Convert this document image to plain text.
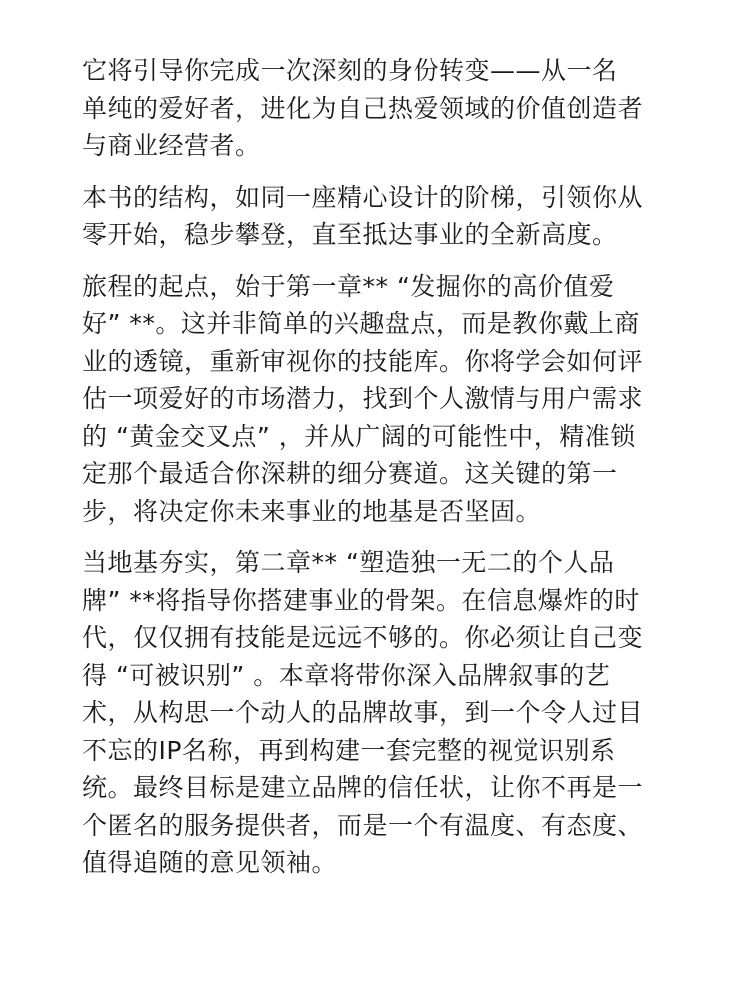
它将引导你完成一次深刻的身份转变——从一名
单纯的爱好者，进化为自己热爱领域的价值创造者
与商业经营者。

本书的结构，如同一座精心设计的阶梯，引领你从
零开始，稳步攀登，直至抵达事业的全新高度。

旅程的起点，始于第一章** “发掘你的高价值爱
好” **。这并非简单的兴趣盘点，而是教你戴上商
业的透镜，重新审视你的技能库。你将学会如何评
估一项爱好的市场潜力，找到个人激情与用户需求
的 “黄金交叉点” ，并从广阔的可能性中，精准锁
定那个最适合你深耕的细分赛道。这关键的第一
步，将决定你未来事业的地基是否坚固。

当地基夯实，第二章** “塑造独一无二的个人品
牌” **将指导你搭建事业的骨架。在信息爆炸的时
代，仅仅拥有技能是远远不够的。你必须让自己变
得 “可被识别” 。本章将带你深入品牌叙事的艺
术，从构思一个动人的品牌故事，到一个令人过目
不忘的IP名称，再到构建一套完整的视觉识别系
统。最终目标是建立品牌的信任状，让你不再是一
个匿名的服务提供者，而是一个有温度、有态度、
值得追随的意见领袖。
